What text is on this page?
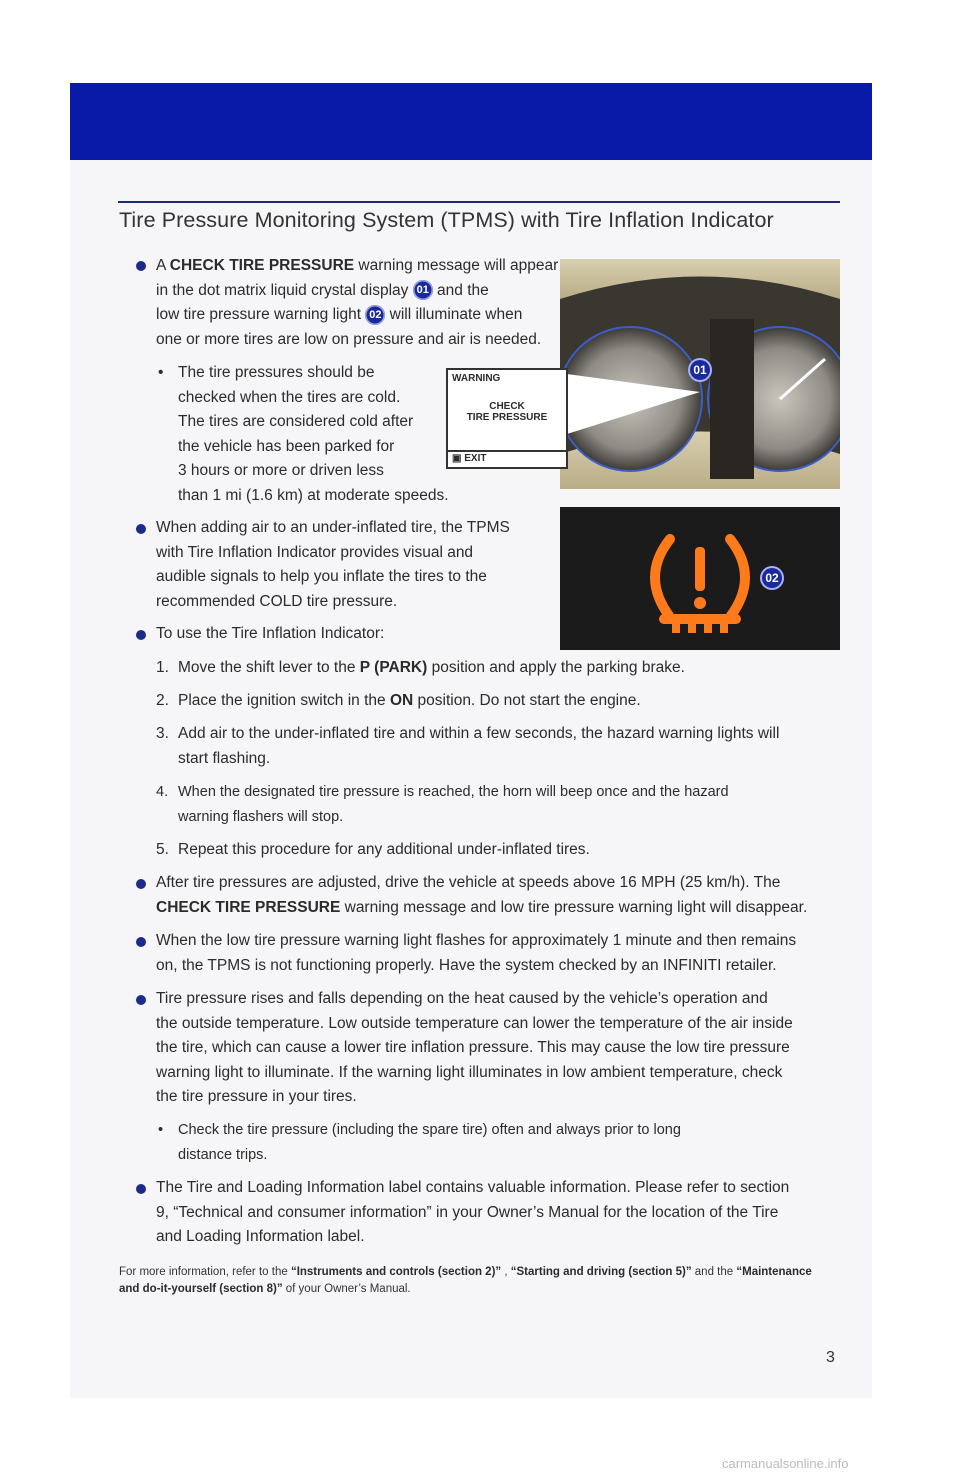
Tire Pressure Monitoring System (TPMS) with Tire Inflation Indicator
A CHECK TIRE PRESSURE warning message will appear
in the dot matrix liquid crystal display 01 and the
low tire pressure warning light 02 will illuminate when
one or more tires are low on pressure and air is needed.
• The tire pressures should be
checked when the tires are cold.
The tires are considered cold after
the vehicle has been parked for
3 hours or more or driven less
than 1 mi (1.6 km) at moderate speeds.
01
WARNING
CHECK
TIRE PRESSURE
▣ EXIT
When adding air to an under-inflated tire, the TPMS
with Tire Inflation Indicator provides visual and
audible signals to help you inflate the tires to the
recommended COLD tire pressure.
02
To use the Tire Inflation Indicator:
1. Move the shift lever to the P (PARK) position and apply the parking brake.
2. Place the ignition switch in the ON position. Do not start the engine.
3. Add air to the under-inflated tire and within a few seconds, the hazard warning lights will
start flashing.
4. When the designated tire pressure is reached, the horn will beep once and the hazard
warning flashers will stop.
5. Repeat this procedure for any additional under-inflated tires.
After tire pressures are adjusted, drive the vehicle at speeds above 16 MPH (25 km/h). The
CHECK TIRE PRESSURE warning message and low tire pressure warning light will disappear.
When the low tire pressure warning light flashes for approximately 1 minute and then remains
on, the TPMS is not functioning properly. Have the system checked by an INFINITI retailer.
Tire pressure rises and falls depending on the heat caused by the vehicle’s operation and
the outside temperature. Low outside temperature can lower the temperature of the air inside
the tire, which can cause a lower tire inflation pressure. This may cause the low tire pressure
warning light to illuminate. If the warning light illuminates in low ambient temperature, check
the tire pressure in your tires.
• Check the tire pressure (including the spare tire) often and always prior to long
distance trips.
The Tire and Loading Information label contains valuable information. Please refer to section
9, “Technical and consumer information” in your Owner’s Manual for the location of the Tire
and Loading Information label.
For more information, refer to the “Instruments and controls (section 2)” , “Starting and driving (section 5)” and the “Maintenance and do-it-yourself (section 8)” of your Owner’s Manual.
3
carmanualsonline.info
